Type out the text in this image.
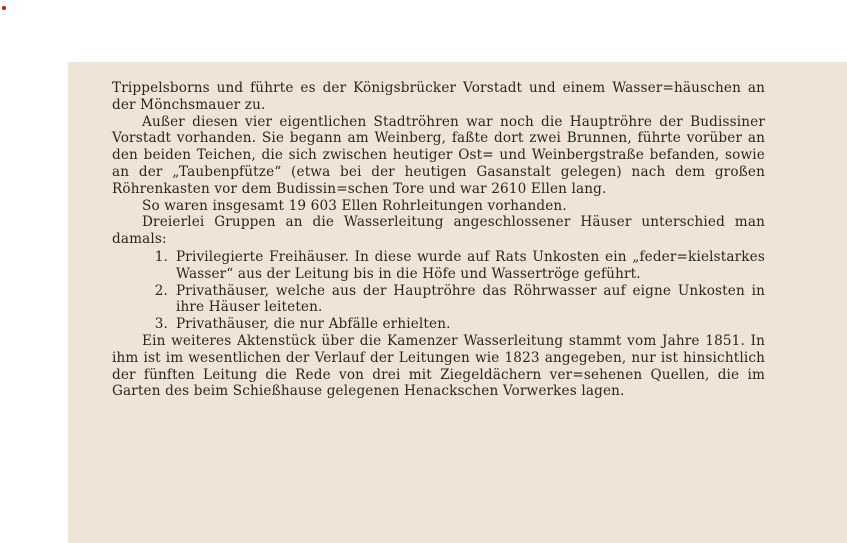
Trippelsborns und führte es der Königsbrücker Vorstadt und einem Wasser=häuschen an der Mönchsmauer zu.

Außer diesen vier eigentlichen Stadtröhren war noch die Hauptröhre der Budissiner Vorstadt vorhanden. Sie begann am Weinberg, faßte dort zwei Brunnen, führte vorüber an den beiden Teichen, die sich zwischen heutiger Ost= und Weinbergstraße befanden, sowie an der „Taubenpfütze“ (etwa bei der heutigen Gasanstalt gelegen) nach dem großen Röhrenkasten vor dem Budissin=schen Tore und war 2610 Ellen lang.

So waren insgesamt 19 603 Ellen Rohrleitungen vorhanden.

Dreierlei Gruppen an die Wasserleitung angeschlossener Häuser unterschied man damals:

1. Privilegierte Freihäuser. In diese wurde auf Rats Unkosten ein „feder=kielstarkes Wasser“ aus der Leitung bis in die Höfe und Wassertröge geführt.
2. Privathäuser, welche aus der Hauptröhre das Röhrwasser auf eigne Unkosten in ihre Häuser leiteten.
3. Privathäuser, die nur Abfälle erhielten.

Ein weiteres Aktenstück über die Kamenzer Wasserleitung stammt vom Jahre 1851. In ihm ist im wesentlichen der Verlauf der Leitungen wie 1823 angegeben, nur ist hinsichtlich der fünften Leitung die Rede von drei mit Ziegeldächern ver=sehenen Quellen, die im Garten des beim Schießhause gelegenen Henackschen Vorwerkes lagen.
